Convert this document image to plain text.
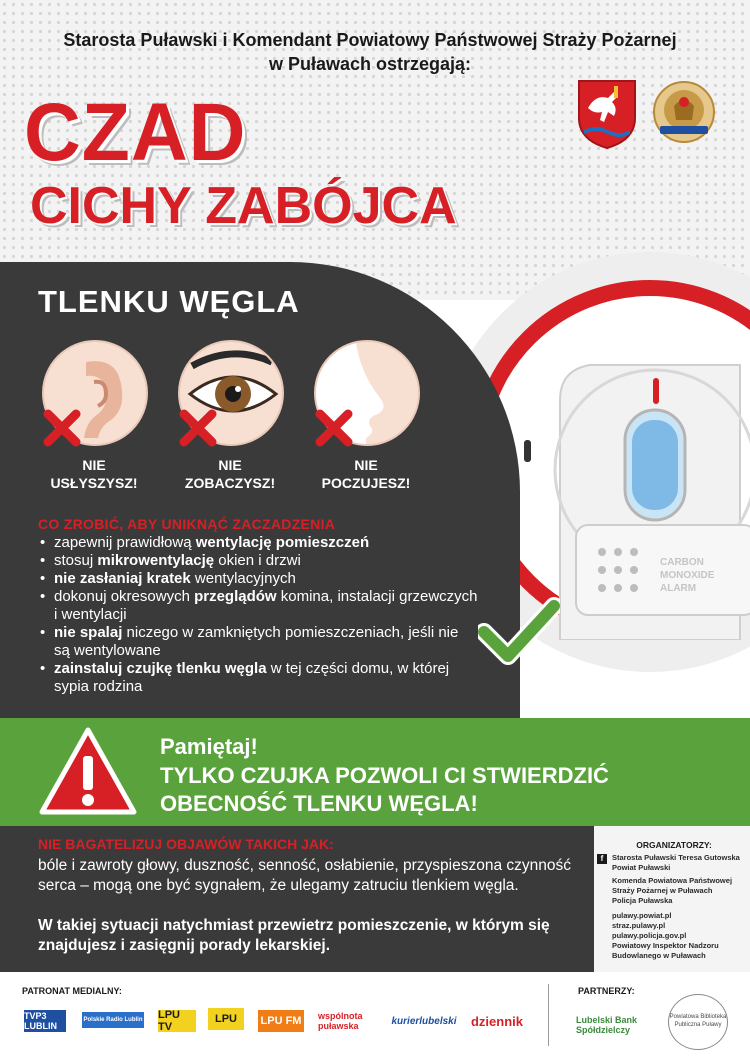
Starosta Puławski i Komendant Powiatowy Państwowej Straży Pożarnej
w Puławach ostrzegają:
CZAD
CICHY ZABÓJCA
CARBON
MONOXIDE
ALARM
TLENKU WĘGLA
NIE
USŁYSZYSZ!
NIE
ZOBACZYSZ!
NIE
POCZUJESZ!
CO ZROBIĆ, ABY UNIKNĄĆ ZACZADZENIA
• zapewnij prawidłową wentylację pomieszczeń
• stosuj mikrowentylację okien i drzwi
• nie zasłaniaj kratek wentylacyjnych
• dokonuj okresowych przeglądów komina, instalacji grzewczych i wentylacji
• nie spalaj niczego w zamkniętych pomieszczeniach, jeśli nie są wentylowane
• zainstaluj czujkę tlenku węgla w tej części domu, w której sypia rodzina
Pamiętaj!
TYLKO CZUJKA POZWOLI CI STWIERDZIĆ
OBECNOŚĆ TLENKU WĘGLA!
NIE BAGATELIZUJ OBJAWÓW TAKICH JAK:
bóle i zawroty głowy, duszność, senność, osłabienie, przyspieszona czynność serca – mogą one być sygnałem, że ulegamy zatruciu tlenkiem węgla.
W takiej sytuacji natychmiast przewietrz pomieszczenie, w którym się znajdujesz i zasięgnij porady lekarskiej.
ORGANIZATORZY:
f	Starosta Puławski Teresa Gutowska
Powiat Puławski
Komenda Powiatowa Państwowej
Straży Pożarnej w Puławach
Policja Puławska
pulawy.powiat.pl
straz.pulawy.pl
pulawy.policja.gov.pl
Powiatowy Inspektor Nadzoru
Budowlanego w Puławach
PATRONAT MEDIALNY:	PARTNERZY:
TVP3 LUBLIN
Polskie Radio Lublin LPU TV
LPU	LPU FM wspólnota puławska	kurierlubelski	dziennik	Lubelski Bank Spółdzielczy
Powiatowa Biblioteka Publiczna Puławy
